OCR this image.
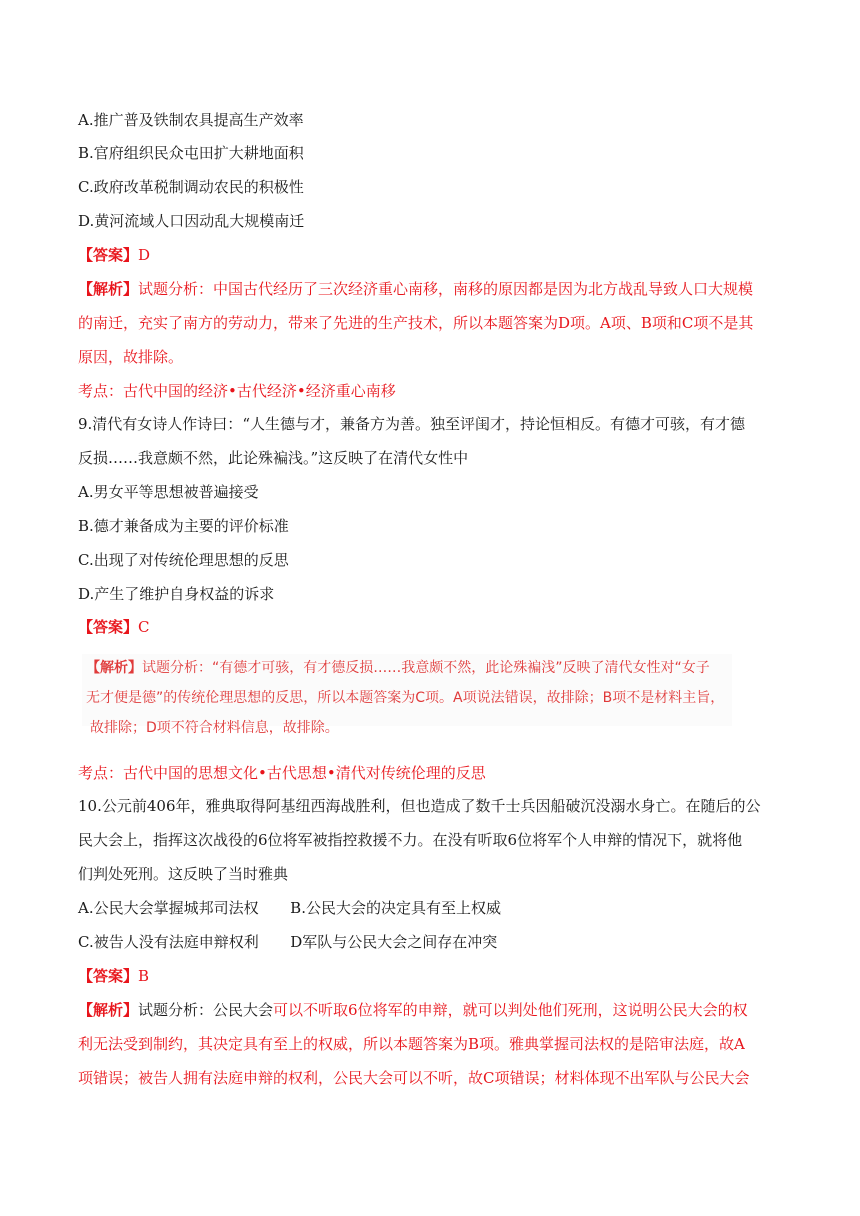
A.推广普及铁制农具提高生产效率
B.官府组织民众屯田扩大耕地面积
C.政府改革税制调动农民的积极性
D.黄河流域人口因动乱大规模南迁
【答案】D
【解析】试题分析：中国古代经历了三次经济重心南移，南移的原因都是因为北方战乱导致人口大规模
的南迁，充实了南方的劳动力，带来了先进的生产技术，所以本题答案为D项。A项、B项和C项不是其
原因，故排除。
考点：古代中国的经济•古代经济•经济重心南移
9.清代有女诗人作诗曰：“人生德与才，兼备方为善。独至评闺才，持论恒相反。有德才可骇，有才德
反损……我意颇不然，此论殊褊浅。”这反映了在清代女性中
A.男女平等思想被普遍接受
B.德才兼备成为主要的评价标准
C.出现了对传统伦理思想的反思
D.产生了维护自身权益的诉求
【答案】C
【解析】试题分析：“有德才可骇，有才德反损……我意颇不然，此论殊褊浅”反映了清代女性对“女子
无才便是德”的传统伦理思想的反思，所以本题答案为C项。A项说法错误，故排除；B项不是材料主旨，
故排除；D项不符合材料信息，故排除。
考点：古代中国的思想文化•古代思想•清代对传统伦理的反思
10.公元前406年，雅典取得阿基纽西海战胜利，但也造成了数千士兵因船破沉没溺水身亡。在随后的公
民大会上，指挥这次战役的6位将军被指控救援不力。在没有听取6位将军个人申辩的情况下，就将他
们判处死刑。这反映了当时雅典
A.公民大会掌握城邦司法权 B.公民大会的决定具有至上权威
C.被告人没有法庭申辩权利 D军队与公民大会之间存在冲突
【答案】B
【解析】试题分析：公民大会可以不听取6位将军的申辩，就可以判处他们死刑，这说明公民大会的权
利无法受到制约，其决定具有至上的权威，所以本题答案为B项。雅典掌握司法权的是陪审法庭，故A
项错误；被告人拥有法庭申辩的权利，公民大会可以不听，故C项错误；材料体现不出军队与公民大会
